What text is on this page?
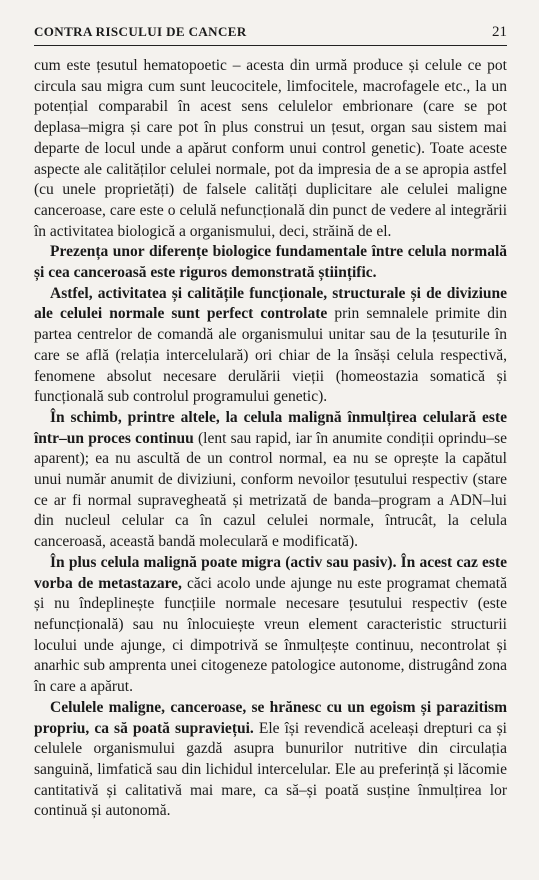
CONTRA RISCULUI DE CANCER	21

cum este țesutul hematopoetic – acesta din urmă produce și celule ce pot circula sau migra cum sunt leucocitele, limfocitele, macrofagele etc., la un potențial comparabil în acest sens celulelor embrionare (care se pot deplasa–migra și care pot în plus construi un țesut, organ sau sistem mai departe de locul unde a apărut conform unui control genetic). Toate aceste aspecte ale calităților celulei normale, pot da impresia de a se apropia astfel (cu unele proprietăți) de falsele calități duplicitare ale celulei maligne canceroase, care este o celulă nefuncțională din punct de vedere al integrării în activitatea biologică a organismului, deci, străină de el.

Prezența unor diferențe biologice fundamentale între celula normală și cea canceroasă este riguros demonstrată științific.

Astfel, activitatea și calitățile funcționale, structurale și de diviziune ale celulei normale sunt perfect controlate prin semnalele primite din partea centrelor de comandă ale organismului unitar sau de la țesuturile în care se află (relația intercelulară) ori chiar de la însăși celula respectivă, fenomene absolut necesare derulării vieții (homeostazia somatică și funcțională sub controlul programului genetic).

În schimb, printre altele, la celula malignă înmulțirea celulară este într–un proces continuu (lent sau rapid, iar în anumite condiții oprindu–se aparent); ea nu ascultă de un control normal, ea nu se oprește la capătul unui număr anumit de diviziuni, conform nevoilor țesutului respectiv (stare ce ar fi normal supravegheată și metrizată de banda–program a ADN–lui din nucleul celular ca în cazul celulei normale, întrucât, la celula canceroasă, această bandă moleculară e modificată).

În plus celula malignă poate migra (activ sau pasiv). În acest caz este vorba de metastazare, căci acolo unde ajunge nu este programat chemată și nu îndeplinește funcțiile normale necesare țesutului respectiv (este nefuncțională) sau nu înlocuiește vreun element caracteristic structurii locului unde ajunge, ci dimpotrivă se înmulțește continuu, necontrolat și anarhic sub amprenta unei citogeneze patologice autonome, distrugând zona în care a apărut.

Celulele maligne, canceroase, se hrănesc cu un egoism și parazitism propriu, ca să poată supraviețui. Ele își revendică aceleași drepturi ca și celulele organismului gazdă asupra bunurilor nutritive din circulația sanguină, limfatică sau din lichidul intercelular. Ele au preferință și lăcomie cantitativă și calitativă mai mare, ca să–și poată susține înmulțirea lor continuă și autonomă.
